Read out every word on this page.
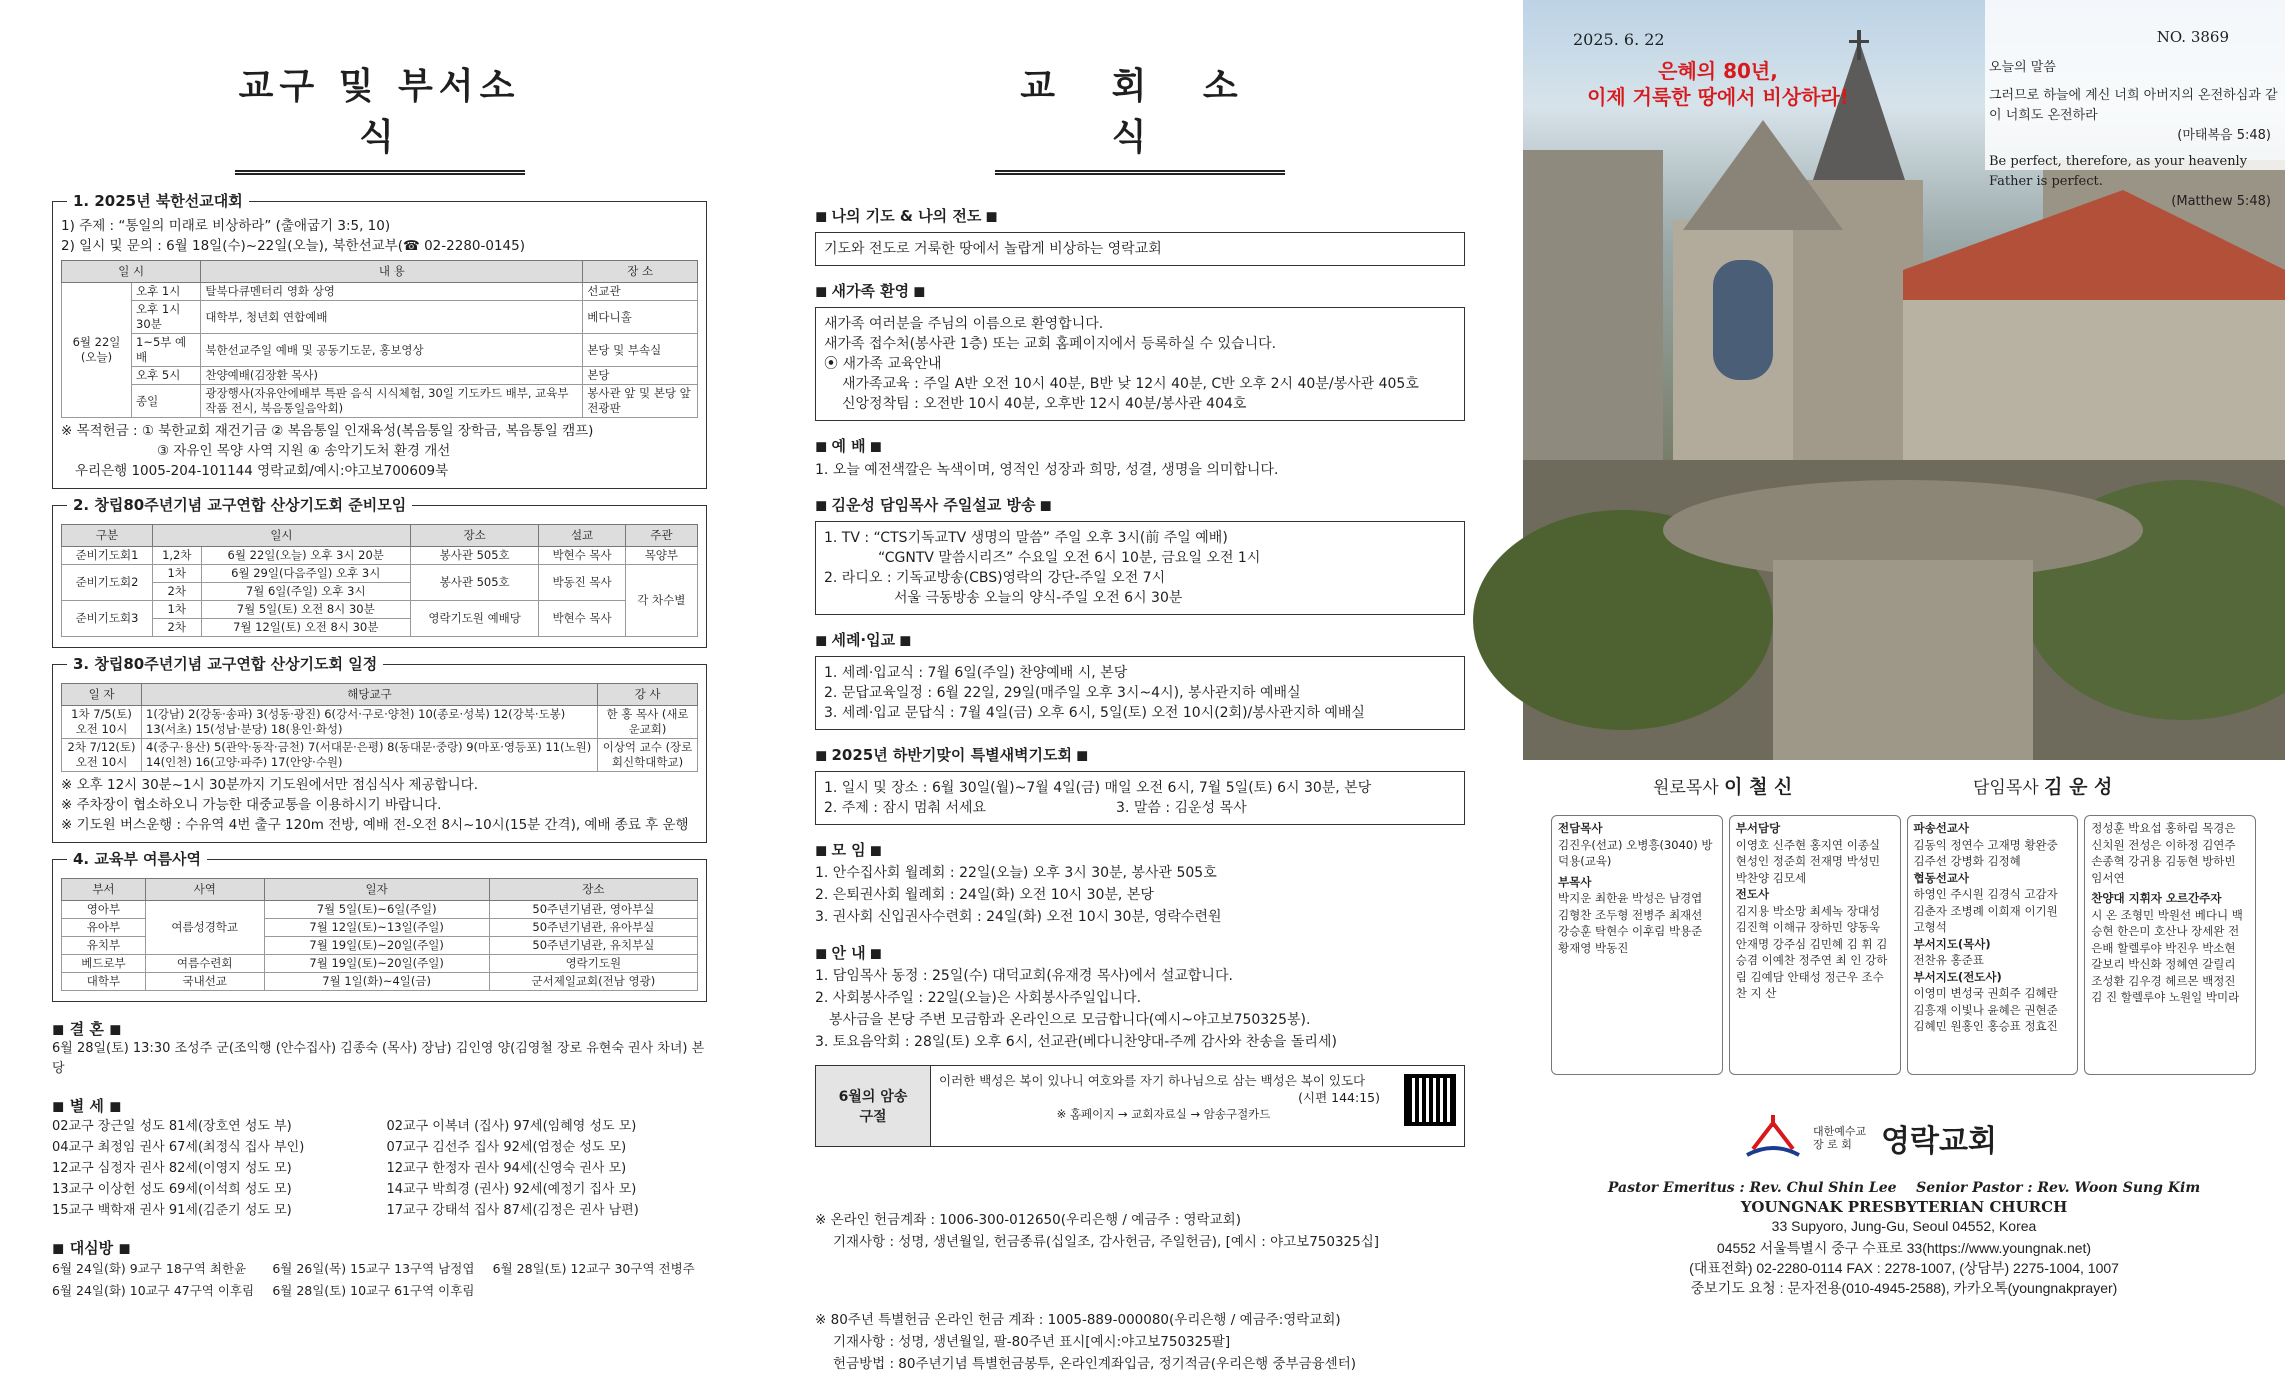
교구 및 부서소식
1. 2025년 북한선교대회

1) 주제 : “통일의 미래로 비상하라” (출애굽기 3:5, 10)

2) 일시 및 문의 : 6월 18일(수)~22일(오늘), 북한선교부(☎ 02-2280-0145)

일 시		내 용	장 소
6월 22일(오늘)	오후 1시	탈북다큐멘터리 영화 상영	선교관
	오후 1시 30분	대학부, 청년회 연합예배	베다니홀
	1~5부 예배	북한선교주일 예배 및 공동기도문, 홍보영상	본당 및 부속실
	오후 5시	찬양예배(김장환 목사)	본당
	종일	광장행사(자유안에배부 특판 음식 시식체험, 30일 기도카드 배부, 교육부 작품 전시, 북음통일음악회)	봉사관 앞 및 본당 앞 전광판

※ 목적헌금 : ① 북한교회 재건기금 ② 복음통일 인재육성(복음통일 장학금, 복음통일 캠프)

③ 자유인 목양 사역 지원 ④ 송악기도처 환경 개선

우리은행 1005-204-101144 영락교회/예시:야고보700609북

2. 창립80주년기념 교구연합 산상기도회 준비모임
구분	일시		장소	설교	주관
준비기도회1	1,2차	6월 22일(오늘) 오후 3시 20분	봉사관 505호	박현수 목사	목양부
준비기도회2	1차	6월 29일(다음주일) 오후 3시	봉사관 505호	박동진 목사	각 차수별
	2차	7월 6일(주일) 오후 3시			
준비기도회3	1차	7월 5일(토) 오전 8시 30분	영락기도원 예배당	박현수 목사	
	2차	7월 12일(토) 오전 8시 30분			
3. 창립80주년기념 교구연합 산상기도회 일정
일 자	해당교구	강 사
1차 7/5(토) 오전 10시	1(강남) 2(강동·송파) 3(성동·광진) 6(강서·구로·양천) 10(종로·성북) 12(강북·도봉) 13(서초) 15(성남·분당) 18(용인·화성)	한 홍 목사 (새로운교회)
2차 7/12(토) 오전 10시	4(중구·용산) 5(관악·동작·금천) 7(서대문·은평) 8(동대문·중랑) 9(마포·영등포) 11(노원) 14(인천) 16(고양·파주) 17(안양·수원)	이상억 교수 (장로회신학대학교)

※ 오후 12시 30분~1시 30분까지 기도원에서만 점심식사 제공합니다.

※ 주차장이 협소하오니 가능한 대중교통을 이용하시기 바랍니다.

※ 기도원 버스운행 : 수유역 4번 출구 120m 전방, 예배 전-오전 8시~10시(15분 간격), 예배 종료 후 운행

4. 교육부 여름사역
부서	사역	일자	장소
영아부	여름성경학교	7월 5일(토)~6일(주일)	50주년기념관, 영아부실
유아부		7월 12일(토)~13일(주일)	50주년기념관, 유아부실
유치부		7월 19일(토)~20일(주일)	50주년기념관, 유치부실
베드로부	여름수련회	7월 19일(토)~20일(주일)	영락기도원
대학부	국내선교	7월 1일(화)~4일(금)	군서제일교회(전남 영광)
◼ 결 혼 ◼

6월 28일(토) 13:30 조성주 군(조익행 (안수집사) 김종숙 (목사) 장남) 김인영 양(김영철 장로 유현숙 권사 차녀) 본당

◼ 별 세 ◼
02교구 장근일 성도 81세(장호연 성도 부)	02교구 이복녀 (집사) 97세(임혜영 성도 모)
04교구 최정임 권사 67세(최정식 집사 부인)	07교구 김선주 집사 92세(엄정순 성도 모)
12교구 심정자 권사 82세(이영지 성도 모)	12교구 한정자 권사 94세(신영숙 권사 모)
13교구 이상헌 성도 69세(이석희 성도 모)	14교구 박희경 (권사) 92세(예정기 집사 모)
15교구 백학재 권사 91세(김준기 성도 모)	17교구 강태석 집사 87세(김정은 권사 남편)
◼ 대심방 ◼
6월 24일(화) 9교구 18구역 최한윤	6월 26일(목) 15교구 13구역 남정엽	6월 28일(토) 12교구 30구역 전병주
6월 24일(화) 10교구 47구역 이후림	6월 28일(토) 10교구 61구역 이후림
교 회 소 식
◼ 나의 기도 & 나의 전도 ◼

기도와 전도로 거룩한 땅에서 놀랍게 비상하는 영락교회

◼ 새가족 환영 ◼

새가족 여러분을 주님의 이름으로 환영합니다.

새가족 접수처(봉사관 1층) 또는 교회 홈페이지에서 등록하실 수 있습니다.

⦿ 새가족 교육안내

새가족교육 : 주일 A반 오전 10시 40분, B반 낮 12시 40분, C반 오후 2시 40분/봉사관 405호

신앙정착팀 : 오전반 10시 40분, 오후반 12시 40분/봉사관 404호

◼ 예 배 ◼

1. 오늘 예전색깔은 녹색이며, 영적인 성장과 희망, 성결, 생명을 의미합니다.

◼ 김운성 담임목사 주일설교 방송 ◼

1. TV : “CTS기독교TV 생명의 말씀” 주일 오후 3시(前 주일 예배)

“CGNTV 말씀시리즈” 수요일 오전 6시 10분, 금요일 오전 1시

2. 라디오 : 기독교방송(CBS)영락의 강단-주일 오전 7시

서울 극동방송 오늘의 양식-주일 오전 6시 30분

◼ 세례·입교 ◼

1. 세례·입교식 : 7월 6일(주일) 찬양예배 시, 본당

2. 문답교육일정 : 6월 22일, 29일(매주일 오후 3시~4시), 봉사관지하 예배실

3. 세례·입교 문답식 : 7월 4일(금) 오후 6시, 5일(토) 오전 10시(2회)/봉사관지하 예배실

◼ 2025년 하반기맞이 특별새벽기도회 ◼

1. 일시 및 장소 : 6월 30일(월)~7월 4일(금) 매일 오전 6시, 7월 5일(토) 6시 30분, 본당

2. 주제 : 잠시 멈춰 서세요	3. 말씀 : 김운성 목사

◼ 모 임 ◼

1. 안수집사회 월례회 : 22일(오늘) 오후 3시 30분, 봉사관 505호

2. 은퇴권사회 월례회 : 24일(화) 오전 10시 30분, 본당

3. 권사회 신입권사수련회 : 24일(화) 오전 10시 30분, 영락수련원

◼ 안 내 ◼

1. 담임목사 동정 : 25일(수) 대덕교회(유재경 목사)에서 설교합니다.

2. 사회봉사주일 : 22일(오늘)은 사회봉사주일입니다.

봉사금을 본당 주변 모금함과 온라인으로 모금합니다(예시~야고보750325봉).

3. 토요음악회 : 28일(토) 오후 6시, 선교관(베다니찬양대-주께 감사와 찬송을 돌리세)

6월의 암송 구절

이러한 백성은 복이 있나니 여호와를 자기 하나님으로 삼는 백성은 복이 있도다

(시편 144:15)

※ 홈페이지 → 교회자료실 → 암송구절카드

※ 온라인 헌금계좌 : 1006-300-012650(우리은행 / 예금주 : 영락교회)

기재사항 : 성명, 생년월일, 헌금종류(십일조, 감사헌금, 주일헌금), [예시 : 야고보750325십]

※ 80주년 특별헌금 온라인 헌금 계좌 : 1005-889-000080(우리은행 / 예금주:영락교회)

기재사항 : 성명, 생년월일, 팔-80주년 표시[예시:야고보750325팔]

헌금방법 : 80주년기념 특별헌금봉투, 온라인계좌입금, 정기적금(우리은행 중부금융센터)

2025. 6. 22
은혜의 80년,
이제 거룩한 땅에서 비상하라!
NO. 3869
오늘의 말씀
그러므로 하늘에 계신 너희 아버지의 온전하심과 같이 너희도 온전하라
(마태복음 5:48)
Be perfect, therefore, as your heavenly Father is perfect.
(Matthew 5:48)
원로목사 이 철 신	담임목사 김 운 성
전담목사
김진우(선교) 오병흥(3040) 방덕용(교육)
부목사
박지운 최한윤 박성은 남경엽 김형찬 조두형 전병주 최재선 강승훈 탁현수 이후림 박용준 황재영 박동진
부서담당
이영호 신주현 홍지연 이종실 현성인 정준희 전재명 박성민 박찬양 김모세
전도사
김지용 박소망 최세녹 장대성 김진혁 이해규 장하민 양동욱 안재명 강주심 김민혜 김 휘 김승겸 이예찬 정주연 최 인 강하림 김예담 안태성 정근우 조수찬 지 산
파송선교사
김동익 정연수 고재명 황완중 김주선 강병화 김정혜
협동선교사
하영인 주시원 김경식 고감자 김춘자 조병례 이희재 이기원 고형석
부서지도(목사)
전찬유 홍준표
부서지도(전도사)
이영미 변성국 권희주 김혜란 김흥재 이빛나 윤혜은 권현준 김혜민 원홍인 홍승표 정효진
정성훈 박요섭 홍하림 목경은 신치원 전성은 이하정 김연주 손종혁 강귀용 김동현 방하빈 임서연
찬양대 지휘자 오르간주자
시 온 조형민 박원선 베다니 백승현 한은미 호산나 장세완 전은배 할렐루야 박진우 박소현 갈보리 박신화 정혜연 갈릴리 조성환 김우경 헤르몬 백정진 김 진 할렐루야 노원일 박미라
대한예수교 장 로 회 영락교회
Pastor Emeritus : Rev. Chul Shin Lee Senior Pastor : Rev. Woon Sung Kim
YOUNGNAK PRESBYTERIAN CHURCH
33 Supyoro, Jung-Gu, Seoul 04552, Korea
04552 서울특별시 중구 수표로 33(https://www.youngnak.net)
(대표전화) 02-2280-0114 FAX : 2278-1007, (상담부) 2275-1004, 1007
중보기도 요청 : 문자전용(010-4945-2588), 카카오톡(youngnakprayer)
